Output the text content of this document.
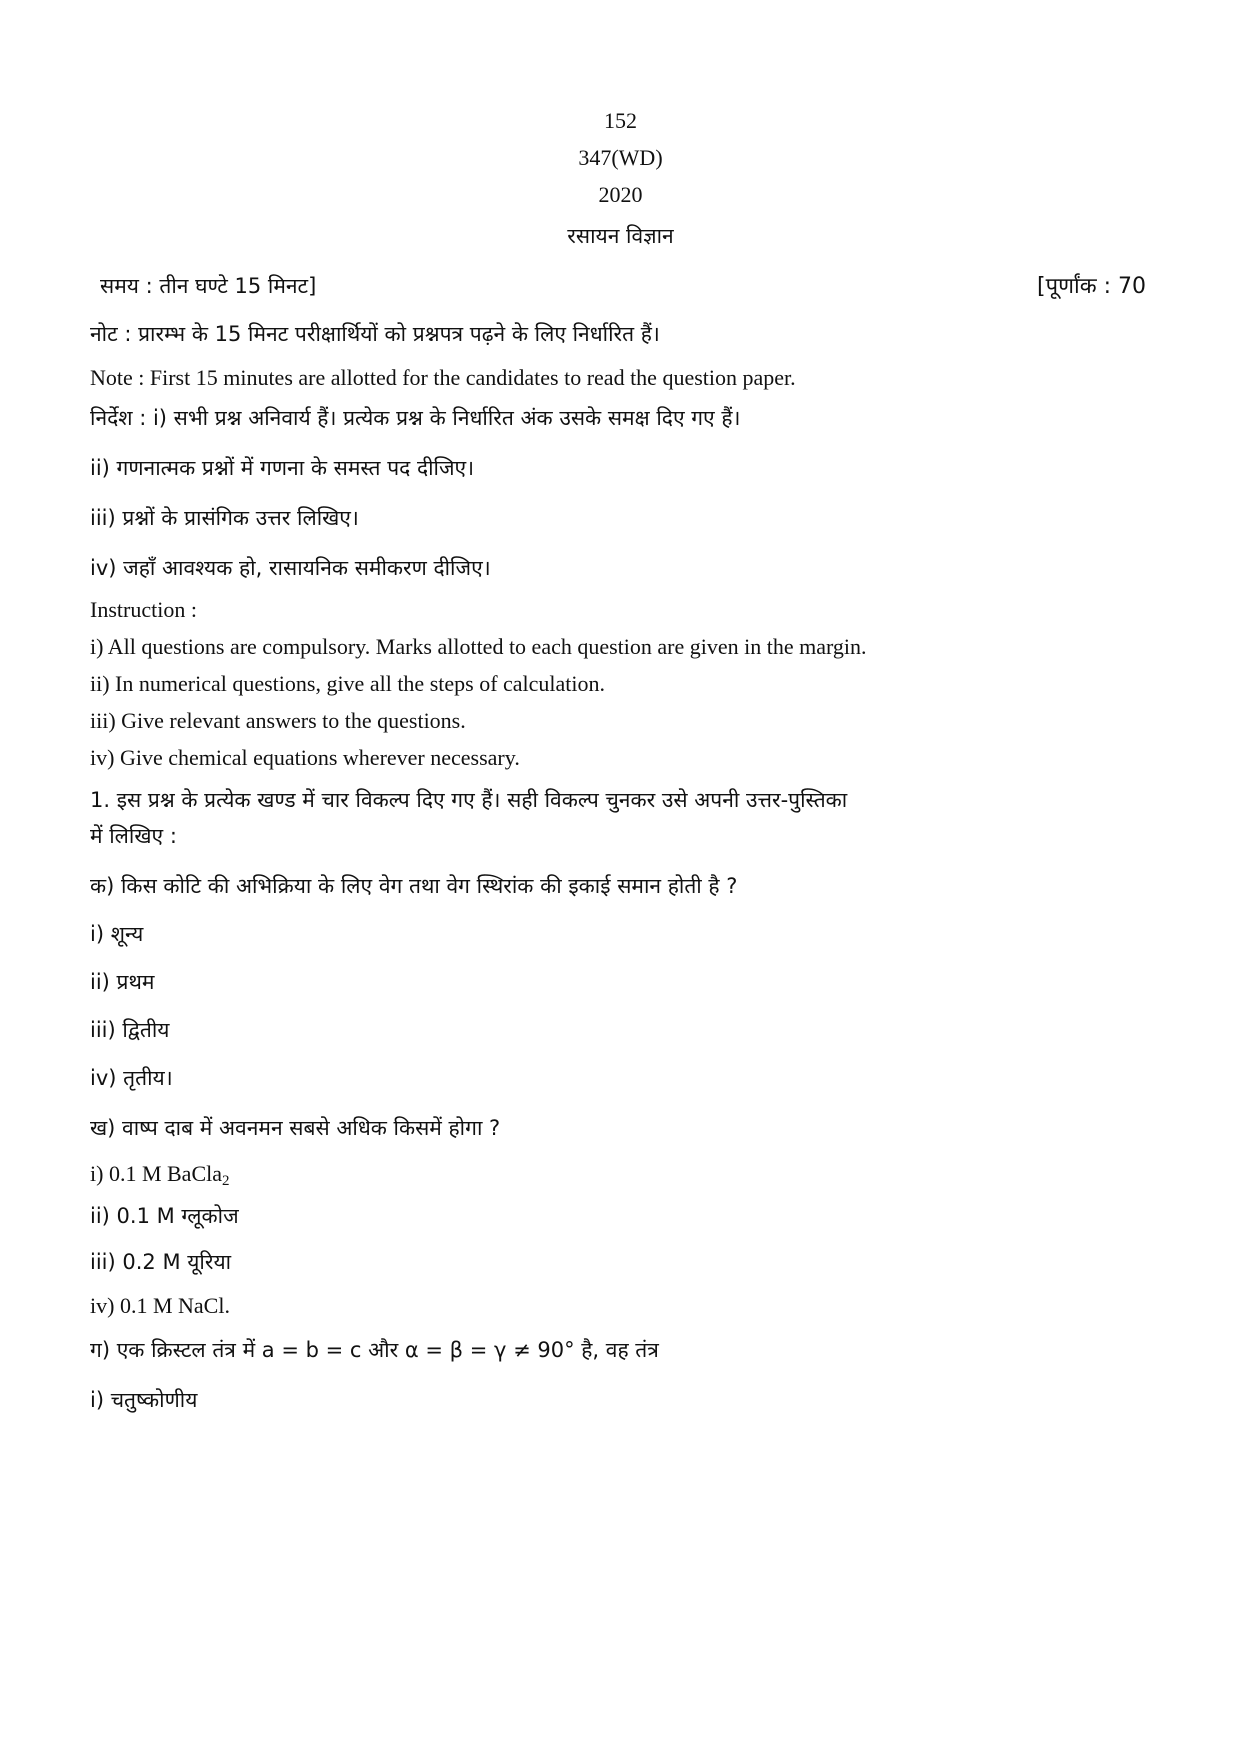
152
347(WD)
2020
रसायन विज्ञान
समय : तीन घण्टे 15 मिनट]	[पूर्णांक : 70
नोट : प्रारम्भ के 15 मिनट परीक्षार्थियों को प्रश्नपत्र पढ़ने के लिए निर्धारित हैं।
Note : First 15 minutes are allotted for the candidates to read the question paper.
निर्देश : i) सभी प्रश्न अनिवार्य हैं। प्रत्येक प्रश्न के निर्धारित अंक उसके समक्ष दिए गए हैं।
ii) गणनात्मक प्रश्नों में गणना के समस्त पद दीजिए।
iii) प्रश्नों के प्रासंगिक उत्तर लिखिए।
iv) जहाँ आवश्यक हो, रासायनिक समीकरण दीजिए।
Instruction :
i) All questions are compulsory. Marks allotted to each question are given in the margin.
ii) In numerical questions, give all the steps of calculation.
iii) Give relevant answers to the questions.
iv) Give chemical equations wherever necessary.
1. इस प्रश्न के प्रत्येक खण्ड में चार विकल्प दिए गए हैं। सही विकल्प चुनकर उसे अपनी उत्तर-पुस्तिका
में लिखिए :
क) किस कोटि की अभिक्रिया के लिए वेग तथा वेग स्थिरांक की इकाई समान होती है ?
i) शून्य
ii) प्रथम
iii) द्वितीय
iv) तृतीय।
ख) वाष्प दाब में अवनमन सबसे अधिक किसमें होगा ?
i) 0.1 M BaCla$_2$
ii) 0.1 M ग्लूकोज
iii) 0.2 M यूरिया
iv) 0.1 M NaCl.
ग) एक क्रिस्टल तंत्र में a = b = c और α = β = γ ≠ 90° है, वह तंत्र
i) चतुष्कोणीय
